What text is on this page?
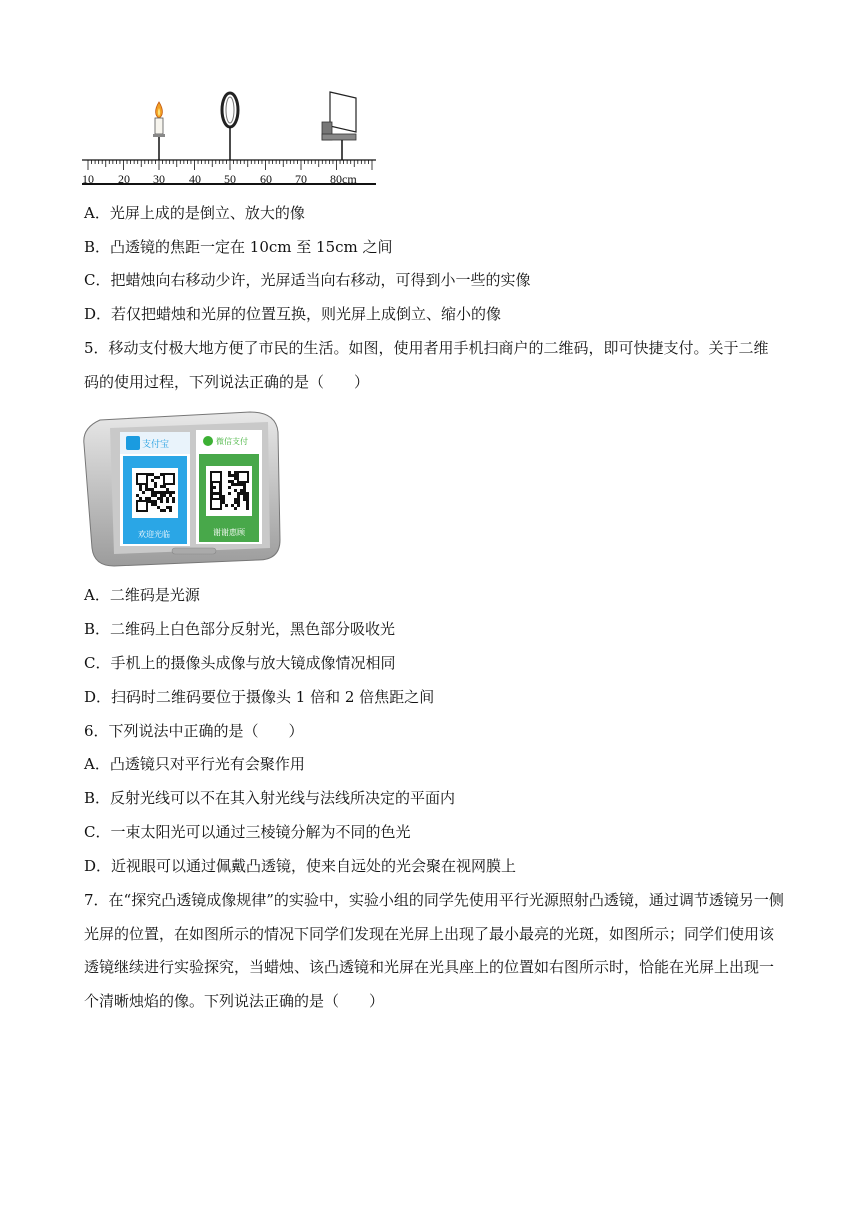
10 20 30 40 50 60 70 80cm
A．光屏上成的是倒立、放大的像
B．凸透镜的焦距一定在 10cm 至 15cm 之间
C．把蜡烛向右移动少许，光屏适当向右移动，可得到小一些的实像
D．若仅把蜡烛和光屏的位置互换，则光屏上成倒立、缩小的像
5．移动支付极大地方便了市民的生活。如图，使用者用手机扫商户的二维码，即可快捷支付。关于二维
码的使用过程，下列说法正确的是（　　）
支付宝
欢迎光临
微信支付
谢谢惠顾
A．二维码是光源
B．二维码上白色部分反射光，黑色部分吸收光
C．手机上的摄像头成像与放大镜成像情况相同
D．扫码时二维码要位于摄像头 1 倍和 2 倍焦距之间
6．下列说法中正确的是（　　）
A．凸透镜只对平行光有会聚作用
B．反射光线可以不在其入射光线与法线所决定的平面内
C．一束太阳光可以通过三棱镜分解为不同的色光
D．近视眼可以通过佩戴凸透镜，使来自远处的光会聚在视网膜上
7．在“探究凸透镜成像规律”的实验中，实验小组的同学先使用平行光源照射凸透镜，通过调节透镜另一侧
光屏的位置，在如图所示的情况下同学们发现在光屏上出现了最小最亮的光斑，如图所示；同学们使用该
透镜继续进行实验探究，当蜡烛、该凸透镜和光屏在光具座上的位置如右图所示时，恰能在光屏上出现一
个清晰烛焰的像。下列说法正确的是（　　）
